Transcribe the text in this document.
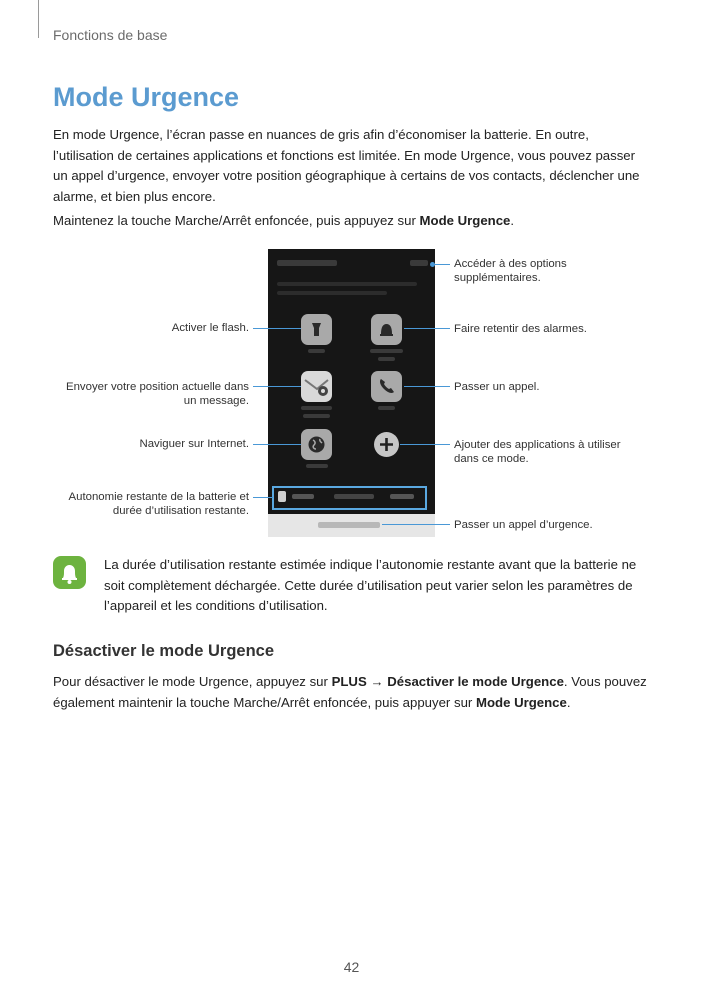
Fonctions de base
Mode Urgence
En mode Urgence, l’écran passe en nuances de gris afin d’économiser la batterie. En outre, l’utilisation de certaines applications et fonctions est limitée. En mode Urgence, vous pouvez passer un appel d’urgence, envoyer votre position géographique à certains de vos contacts, déclencher une alarme, et bien plus encore.
Maintenez la touche Marche/Arrêt enfoncée, puis appuyez sur Mode Urgence.
Accéder à des options supplémentaires.
Faire retentir des alarmes.
Passer un appel.
Ajouter des applications à utiliser dans ce mode.
Passer un appel d’urgence.
Activer le flash.
Envoyer votre position actuelle dans un message.
Naviguer sur Internet.
Autonomie restante de la batterie et durée d’utilisation restante.
La durée d’utilisation restante estimée indique l’autonomie restante avant que la batterie ne soit complètement déchargée. Cette durée d’utilisation peut varier selon les paramètres de l’appareil et les conditions d’utilisation.
Désactiver le mode Urgence
Pour désactiver le mode Urgence, appuyez sur PLUS → Désactiver le mode Urgence. Vous pouvez également maintenir la touche Marche/Arrêt enfoncée, puis appuyer sur Mode Urgence.
42
